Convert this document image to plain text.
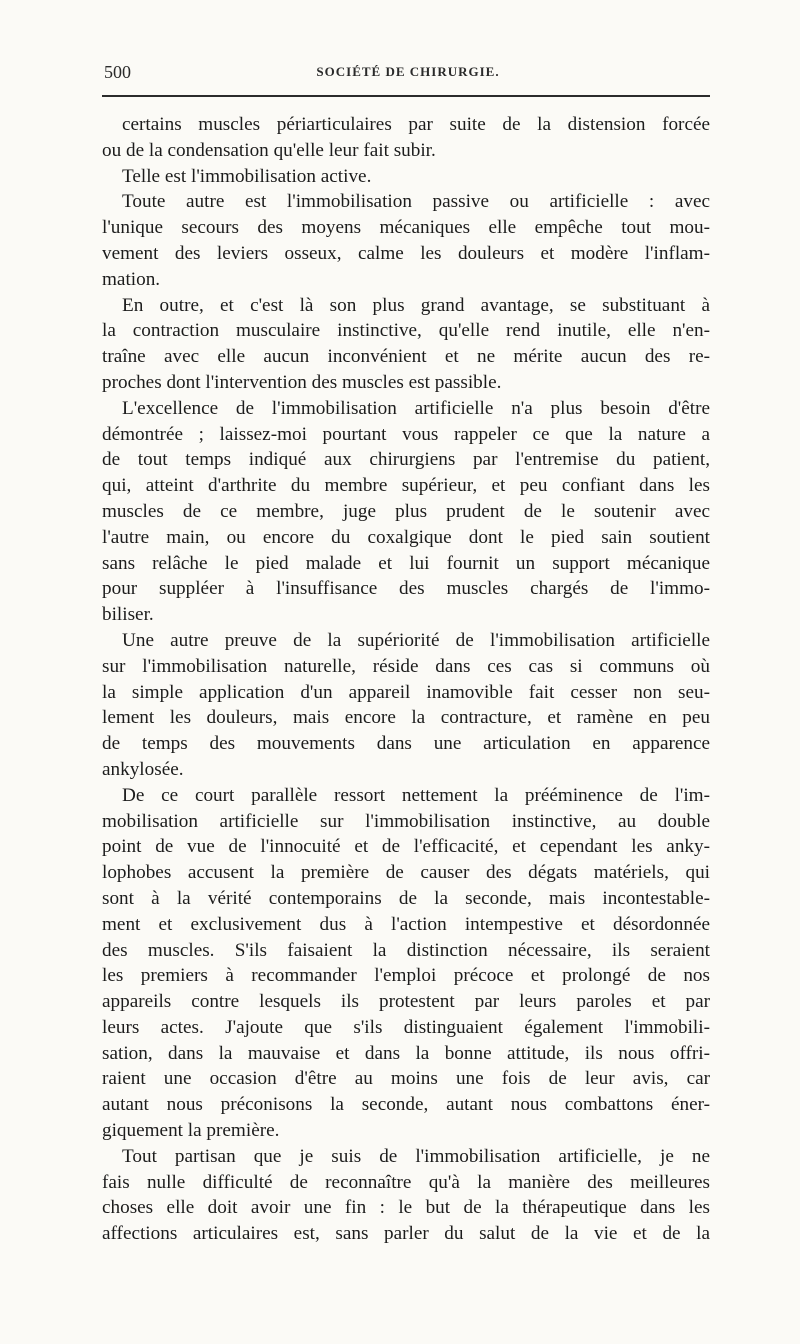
500	SOCIÉTÉ DE CHIRURGIE.
certains muscles périarticulaires par suite de la distension forcée
ou de la condensation qu'elle leur fait subir.
Telle est l'immobilisation active.
Toute autre est l'immobilisation passive ou artificielle : avec
l'unique secours des moyens mécaniques elle empêche tout mou-
vement des leviers osseux, calme les douleurs et modère l'inflam-
mation.
En outre, et c'est là son plus grand avantage, se substituant à
la contraction musculaire instinctive, qu'elle rend inutile, elle n'en-
traîne avec elle aucun inconvénient et ne mérite aucun des re-
proches dont l'intervention des muscles est passible.
L'excellence de l'immobilisation artificielle n'a plus besoin d'être
démontrée ; laissez-moi pourtant vous rappeler ce que la nature a
de tout temps indiqué aux chirurgiens par l'entremise du patient,
qui, atteint d'arthrite du membre supérieur, et peu confiant dans les
muscles de ce membre, juge plus prudent de le soutenir avec
l'autre main, ou encore du coxalgique dont le pied sain soutient
sans relâche le pied malade et lui fournit un support mécanique
pour suppléer à l'insuffisance des muscles chargés de l'immo-
biliser.
Une autre preuve de la supériorité de l'immobilisation artificielle
sur l'immobilisation naturelle, réside dans ces cas si communs où
la simple application d'un appareil inamovible fait cesser non seu-
lement les douleurs, mais encore la contracture, et ramène en peu
de temps des mouvements dans une articulation en apparence
ankylosée.
De ce court parallèle ressort nettement la prééminence de l'im-
mobilisation artificielle sur l'immobilisation instinctive, au double
point de vue de l'innocuité et de l'efficacité, et cependant les anky-
lophobes accusent la première de causer des dégats matériels, qui
sont à la vérité contemporains de la seconde, mais incontestable-
ment et exclusivement dus à l'action intempestive et désordonnée
des muscles. S'ils faisaient la distinction nécessaire, ils seraient
les premiers à recommander l'emploi précoce et prolongé de nos
appareils contre lesquels ils protestent par leurs paroles et par
leurs actes. J'ajoute que s'ils distinguaient également l'immobili-
sation, dans la mauvaise et dans la bonne attitude, ils nous offri-
raient une occasion d'être au moins une fois de leur avis, car
autant nous préconisons la seconde, autant nous combattons éner-
giquement la première.
Tout partisan que je suis de l'immobilisation artificielle, je ne
fais nulle difficulté de reconnaître qu'à la manière des meilleures
choses elle doit avoir une fin : le but de la thérapeutique dans les
affections articulaires est, sans parler du salut de la vie et de la
